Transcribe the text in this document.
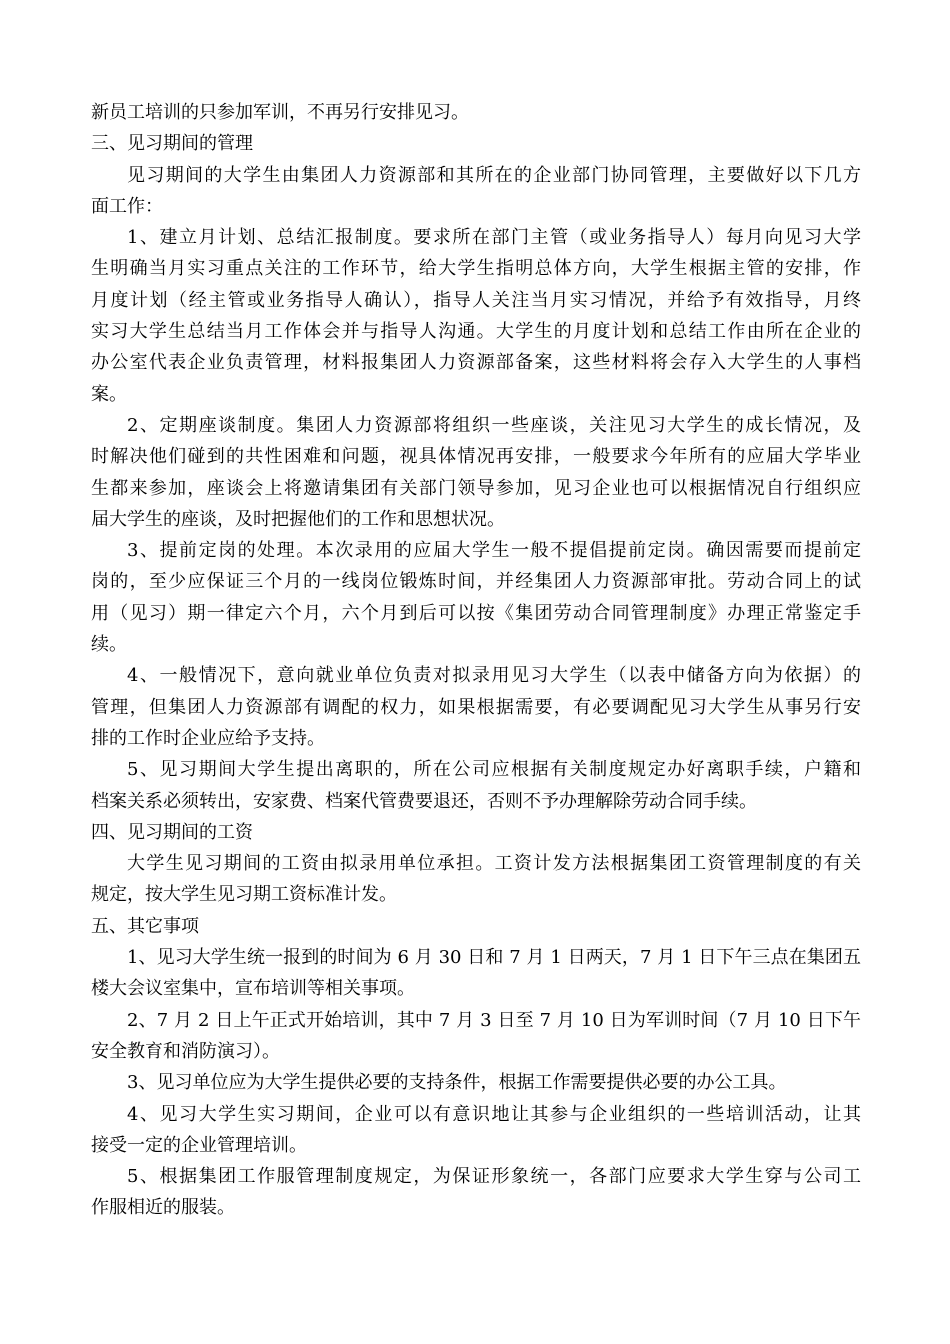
新员工培训的只参加军训，不再另行安排见习。
三、见习期间的管理
见习期间的大学生由集团人力资源部和其所在的企业部门协同管理，主要做好以下几方
面工作：
1、建立月计划、总结汇报制度。要求所在部门主管（或业务指导人）每月向见习大学
生明确当月实习重点关注的工作环节，给大学生指明总体方向，大学生根据主管的安排，作
月度计划（经主管或业务指导人确认），指导人关注当月实习情况，并给予有效指导，月终
实习大学生总结当月工作体会并与指导人沟通。大学生的月度计划和总结工作由所在企业的
办公室代表企业负责管理，材料报集团人力资源部备案，这些材料将会存入大学生的人事档
案。
2、定期座谈制度。集团人力资源部将组织一些座谈，关注见习大学生的成长情况，及
时解决他们碰到的共性困难和问题，视具体情况再安排，一般要求今年所有的应届大学毕业
生都来参加，座谈会上将邀请集团有关部门领导参加，见习企业也可以根据情况自行组织应
届大学生的座谈，及时把握他们的工作和思想状况。
3、提前定岗的处理。本次录用的应届大学生一般不提倡提前定岗。确因需要而提前定
岗的，至少应保证三个月的一线岗位锻炼时间，并经集团人力资源部审批。劳动合同上的试
用（见习）期一律定六个月，六个月到后可以按《集团劳动合同管理制度》办理正常鉴定手
续。
4、一般情况下，意向就业单位负责对拟录用见习大学生（以表中储备方向为依据）的
管理，但集团人力资源部有调配的权力，如果根据需要，有必要调配见习大学生从事另行安
排的工作时企业应给予支持。
5、见习期间大学生提出离职的，所在公司应根据有关制度规定办好离职手续，户籍和
档案关系必须转出，安家费、档案代管费要退还，否则不予办理解除劳动合同手续。
四、见习期间的工资
大学生见习期间的工资由拟录用单位承担。工资计发方法根据集团工资管理制度的有关
规定，按大学生见习期工资标准计发。
五、其它事项
1、见习大学生统一报到的时间为 6 月 30 日和 7 月 1 日两天，7 月 1 日下午三点在集团五
楼大会议室集中，宣布培训等相关事项。
2、7 月 2 日上午正式开始培训，其中 7 月 3 日至 7 月 10 日为军训时间（7 月 10 日下午
安全教育和消防演习）。
3、见习单位应为大学生提供必要的支持条件，根据工作需要提供必要的办公工具。
4、见习大学生实习期间，企业可以有意识地让其参与企业组织的一些培训活动，让其
接受一定的企业管理培训。
5、根据集团工作服管理制度规定，为保证形象统一，各部门应要求大学生穿与公司工
作服相近的服装。
